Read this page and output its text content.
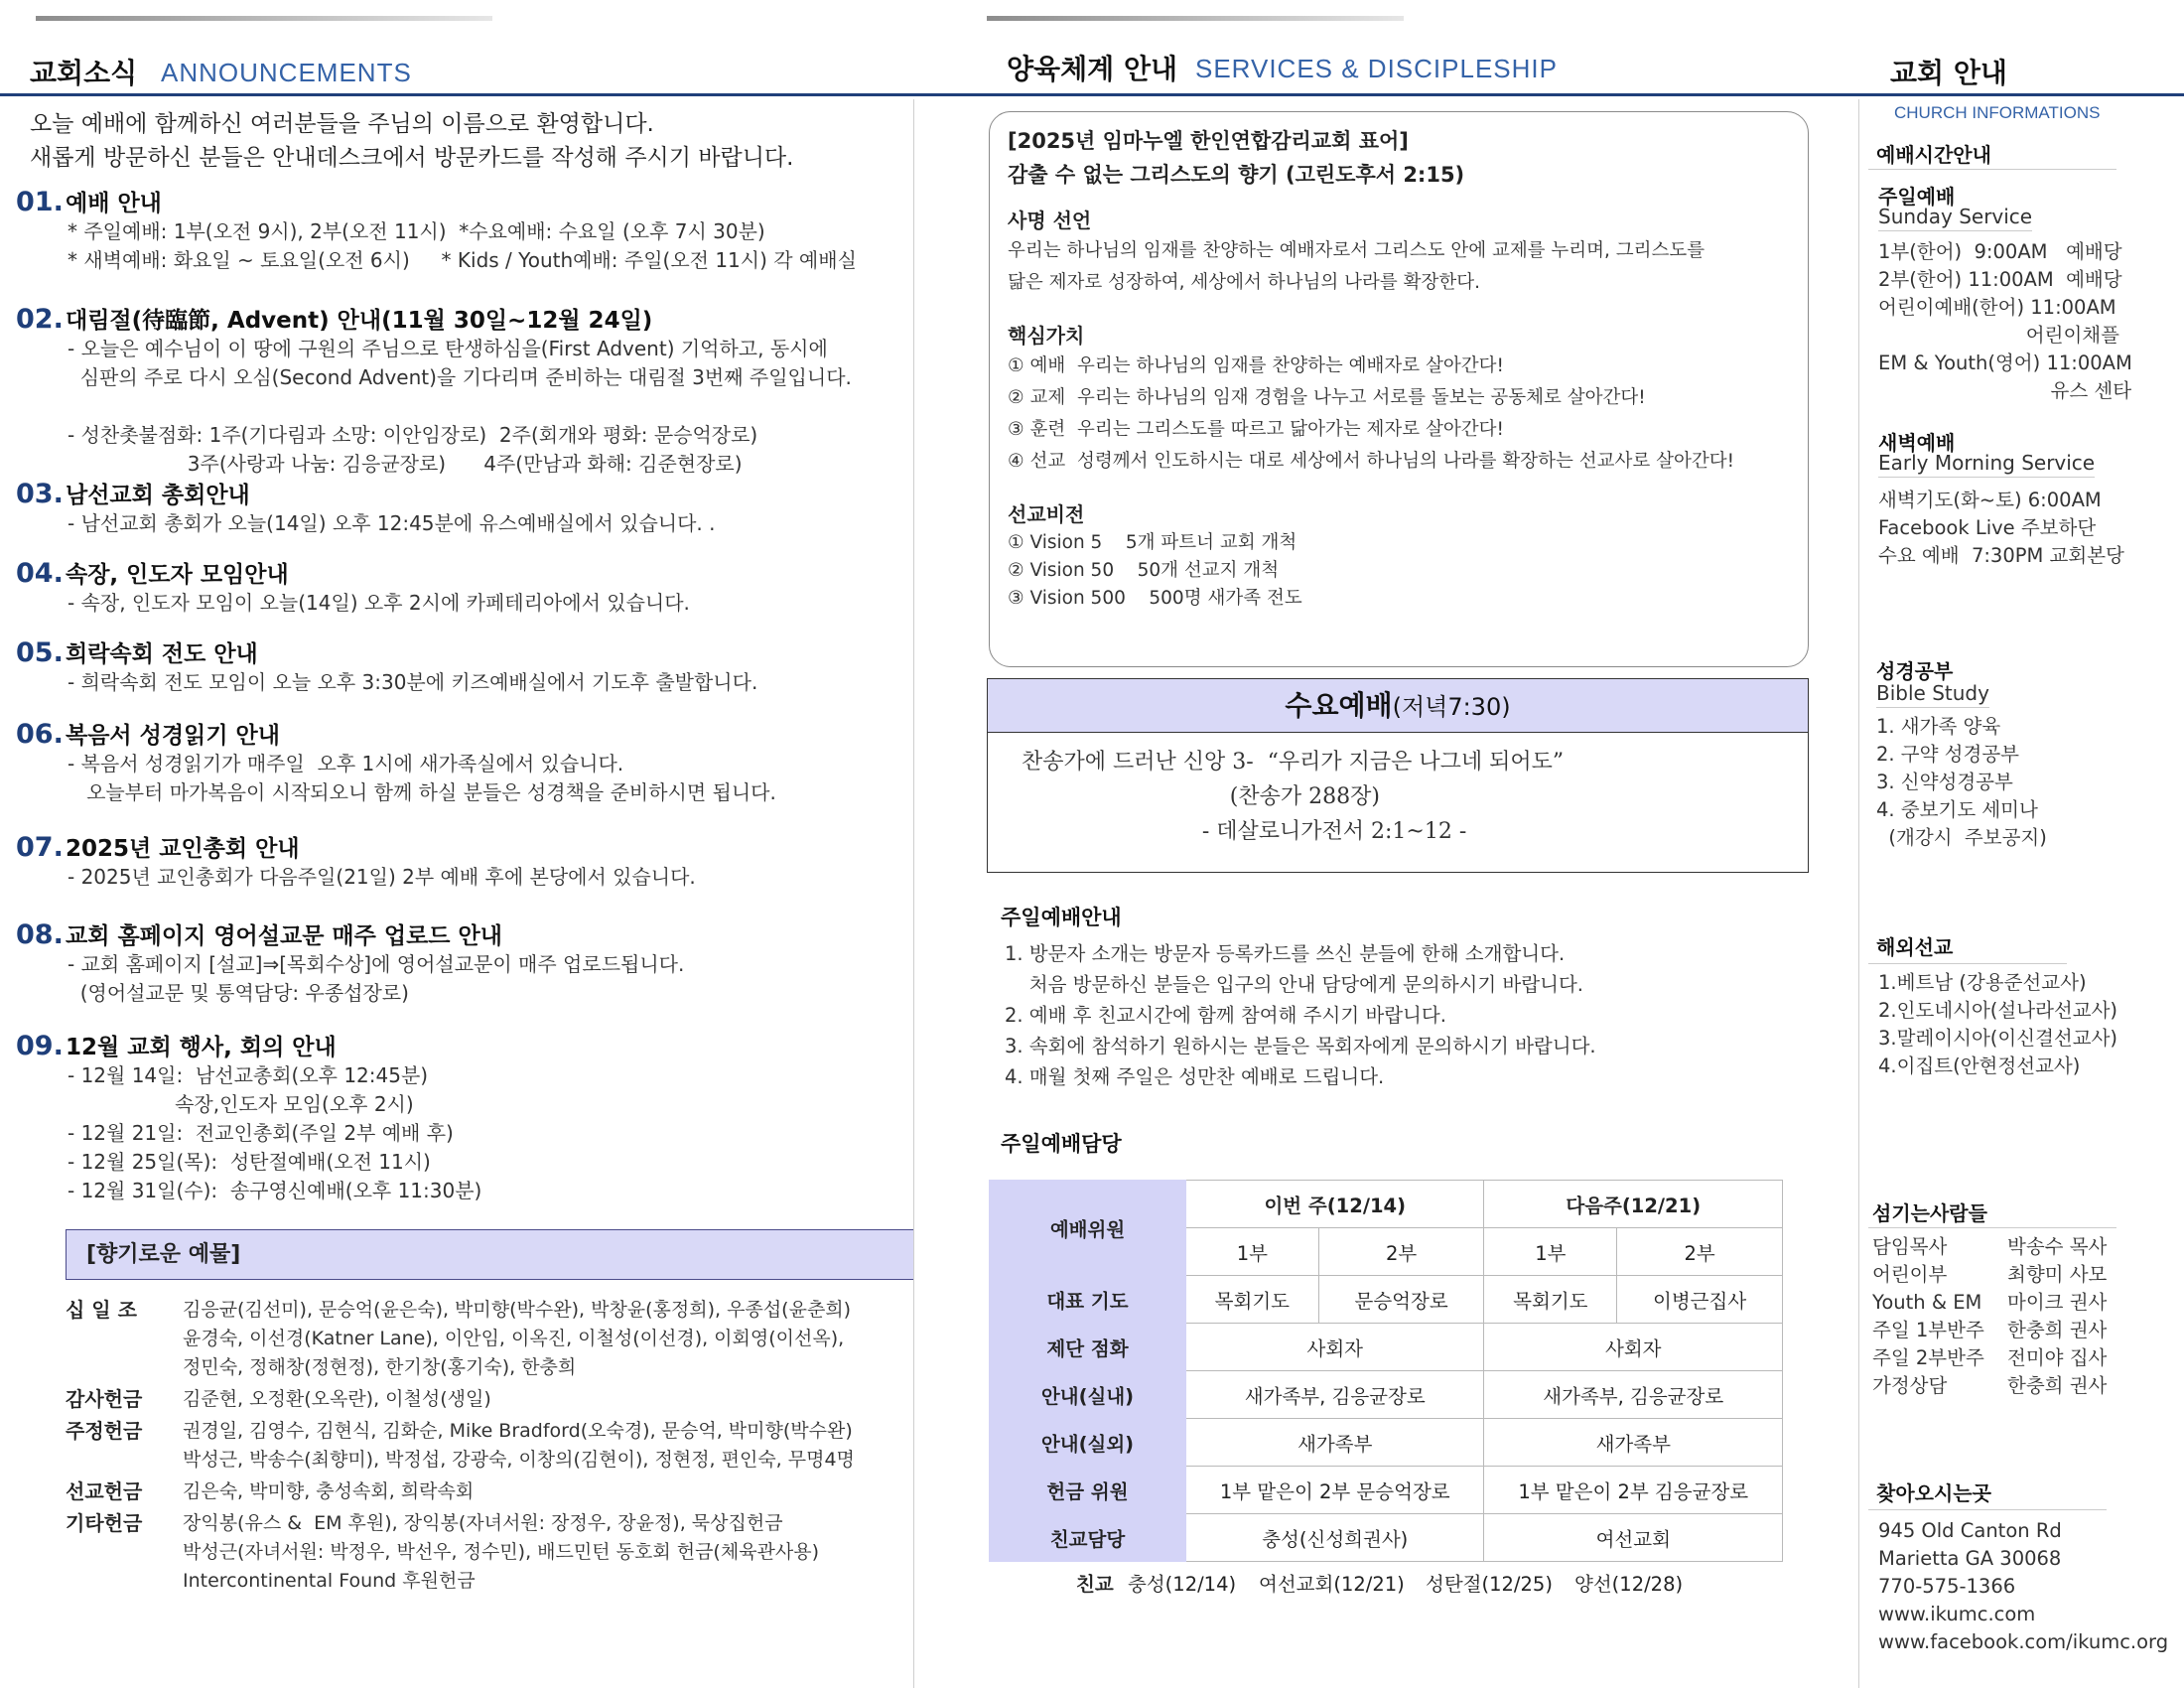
교회소식 ANNOUNCEMENTS	양육체계 안내 SERVICES & DISCIPLESHIP	교회 안내
오늘 예배에 함께하신 여러분들을 주님의 이름으로 환영합니다.
새롭게 방문하신 분들은 안내데스크에서 방문카드를 작성해 주시기 바랍니다.
01.예배 안내
* 주일예배: 1부(오전 9시), 2부(오전 11시)  *수요예배: 수요일 (오후 7시 30분)
* 새벽예배: 화요일 ~ 토요일(오전 6시)     * Kids / Youth예배: 주일(오전 11시) 각 예배실
02.대림절(待臨節, Advent) 안내(11월 30일~12월 24일)
- 오늘은 예수님이 이 땅에 구원의 주님으로 탄생하심을(First Advent) 기억하고, 동시에
심판의 주로 다시 오심(Second Advent)을 기다리며 준비하는 대림절 3번째 주일입니다.

- 성찬촛불점화: 1주(기다림과 소망: 이안임장로)  2주(회개와 평화: 문승억장로)
3주(사랑과 나눔: 김응균장로)      4주(만남과 화해: 김준현장로)
03.남선교회 총회안내
- 남선교회 총회가 오늘(14일) 오후 12:45분에 유스예배실에서 있습니다. .
04.속장, 인도자 모임안내
- 속장, 인도자 모임이 오늘(14일) 오후 2시에 카페테리아에서 있습니다.
05.희락속회 전도 안내
- 희락속회 전도 모임이 오늘 오후 3:30분에 키즈예배실에서 기도후 출발합니다.
06.복음서 성경읽기 안내
- 복음서 성경읽기가 매주일  오후 1시에 새가족실에서 있습니다.
오늘부터 마가복음이 시작되오니 함께 하실 분들은 성경책을 준비하시면 됩니다.
07.2025년 교인총회 안내
- 2025년 교인총회가 다음주일(21일) 2부 예배 후에 본당에서 있습니다.
08.교회 홈페이지 영어설교문 매주 업로드 안내
- 교회 홈페이지 [설교]⇒[목회수상]에 영어설교문이 매주 업로드됩니다.
(영어설교문 및 통역담당: 우종섭장로)
09.12월 교회 행사, 회의 안내
- 12월 14일:  남선교총회(오후 12:45분)
속장,인도자 모임(오후 2시)
- 12월 21일:  전교인총회(주일 2부 예배 후)
- 12월 25일(목):  성탄절예배(오전 11시)
- 12월 31일(수):  송구영신예배(오후 11:30분)
[향기로운 예물]
십 일 조	김응균(김선미), 문승억(윤은숙), 박미향(박수완), 박창윤(홍정희), 우종섭(윤춘희)
윤경숙, 이선경(Katner Lane), 이안임, 이옥진, 이철성(이선경), 이회영(이선옥),
정민숙, 정해창(정현정), 한기창(홍기숙), 한충희
감사헌금	김준현, 오정환(오옥란), 이철성(생일)
주정헌금	권경일, 김영수, 김현식, 김화순, Mike Bradford(오숙경), 문승억, 박미향(박수완)
박성근, 박송수(최향미), 박정섭, 강광숙, 이창의(김현이), 정현정, 편인숙, 무명4명
선교헌금	김은숙, 박미향, 충성속회, 희락속회
기타헌금	장익봉(유스 &  EM 후원), 장익봉(자녀서원: 장정우, 장윤정), 묵상집헌금
박성근(자녀서원: 박정우, 박선우, 정수민), 배드민턴 동호회 헌금(체육관사용)
Intercontinental Found 후원헌금
[2025년 임마누엘 한인연합감리교회 표어]
감출 수 없는 그리스도의 향기 (고린도후서 2:15)
사명 선언
우리는 하나님의 임재를 찬양하는 예배자로서 그리스도 안에 교제를 누리며, 그리스도를
닮은 제자로 성장하여, 세상에서 하나님의 나라를 확장한다.
핵심가치
① 예배  우리는 하나님의 임재를 찬양하는 예배자로 살아간다!
② 교제  우리는 하나님의 임재 경험을 나누고 서로를 돌보는 공동체로 살아간다!
③ 훈련  우리는 그리스도를 따르고 닮아가는 제자로 살아간다!
④ 선교  성령께서 인도하시는 대로 세상에서 하나님의 나라를 확장하는 선교사로 살아간다!
선교비전
① Vision 5    5개 파트너 교회 개척
② Vision 50    50개 선교지 개척
③ Vision 500    500명 새가족 전도
수요예배(저녁7:30)
찬송가에 드러난 신앙 3-  “우리가 지금은 나그네 되어도”
(찬송가 288장)
- 데살로니가전서 2:1~12 -
주일예배안내
1. 방문자 소개는 방문자 등록카드를 쓰신 분들에 한해 소개합니다.
처음 방문하신 분들은 입구의 안내 담당에게 문의하시기 바랍니다.
2. 예배 후 친교시간에 함께 참여해 주시기 바랍니다.
3. 속회에 참석하기 원하시는 분들은 목회자에게 문의하시기 바랍니다.
4. 매월 첫째 주일은 성만찬 예배로 드립니다.
주일예배담당
예배위원	이번 주(12/14)		다음주(12/21)	
	1부	2부	1부	2부
대표 기도	목회기도	문승억장로	목회기도	이병근집사
제단 점화	사회자		사회자	
안내(실내)	새가족부, 김응균장로		새가족부, 김응균장로	
안내(실외)	새가족부		새가족부	
헌금 위원	1부 맡은이 2부 문승억장로		1부 맡은이 2부 김응균장로	
친교담당	충성(신성희권사)		여선교회	
친교 충성(12/14)	여선교회(12/21)	성탄절(12/25)	양선(12/28)
CHURCH INFORMATIONS
예배시간안내
주일예배
Sunday Service
1부(한어)  9:00AM   예배당
2부(한어) 11:00AM  예배당
어린이예배(한어) 11:00AM
어린이채플
EM & Youth(영어) 11:00AM
유스 센타
새벽예배
Early Morning Service
새벽기도(화~토) 6:00AM
Facebook Live 주보하단
수요 예배  7:30PM 교회본당
성경공부
Bible Study
1. 새가족 양육
2. 구약 성경공부
3. 신약성경공부
4. 중보기도 세미나
(개강시  주보공지)
해외선교
1.베트남 (강용준선교사)
2.인도네시아(설나라선교사)
3.말레이시아(이신결선교사)
4.이집트(안현정선교사)
섬기는사람들
담임목사	박송수 목사
어린이부	최향미 사모
Youth & EM	마이크 권사
주일 1부반주	한충희 권사
주일 2부반주	전미야 집사
가정상담	한충희 권사
찾아오시는곳
945 Old Canton Rd
Marietta GA 30068
770-575-1366
www.ikumc.com
www.facebook.com/ikumc.org
